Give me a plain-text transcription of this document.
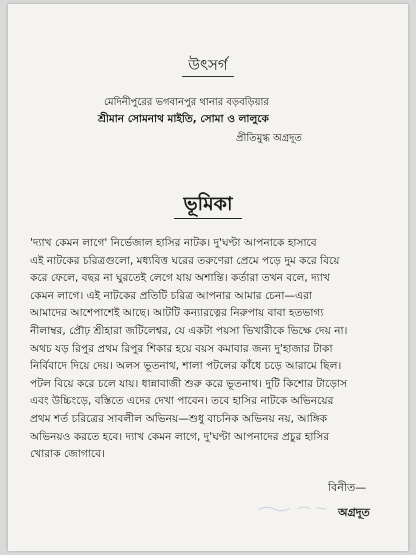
উৎসর্গ
মেদিনীপুরের ভগবানপুর থানার বড়বড়িয়ার
শ্রীমান সোমনাথ মাইতি, সোমা ও লালুকে
প্রীতিমুগ্ধ অগ্রদূত
ভূমিকা
'দ্যাখ কেমন লাগে' নির্ভেজাল হাসির নাটক। দু'ঘণ্টা আপনাকে হাসাবে
এই নাটকের চরিত্রগুলো, মধ্যবিত্ত ঘরের তরুণেরা প্রেমে পড়ে দুম করে বিয়ে
করে ফেলে, বছর না ঘুরতেই লেগে যায় অশান্তি। কর্তারা তখন বলে, দ্যাখ
কেমন লাগে। এই নাটকের প্রতিটি চরিত্র আপনার আমার চেনা—এরা
আমাদের আশেপাশেই আছে। আটটি কন্যারত্নের নিরুপায় বাবা হতভাগ্য
নীলাম্বর, প্রৌঢ় শ্রীহারা জটিলেশ্বর, যে একটা পয়সা ভিখারীকে ভিক্ষে দেয় না।
অথচ যড় রিপুর প্রথম রিপুর শিকার হয়ে বয়স কমাবার জন্য দু'হাজার টাকা
নির্বিবাদে দিয়ে দেয়। অলস ভূতনাথ, শালা পটলের কাঁধে চড়ে আরামে ছিল।
পটল বিয়ে করে চলে যায়। ধান্নাবাজী শুরু করে ভূতনাথ। দুটি কিশোর টাড়োস
এবং উচ্চিংড়ে, বস্তিতে এদের দেখা পাবেন। তবে হাসির নাটকে অভিনয়ের
প্রথম শর্ত চরিত্রের সাবলীল অভিনয়—শুধু বাচনিক অভিনয় নয়, আঙ্গিক
অভিনয়ও করতে হবে। দ্যাখ কেমন লাগে, দু'ঘণ্টা আপনাদের প্রচুর হাসির
খোরাক জোগাবে।
বিনীত—
অগ্রদূত
